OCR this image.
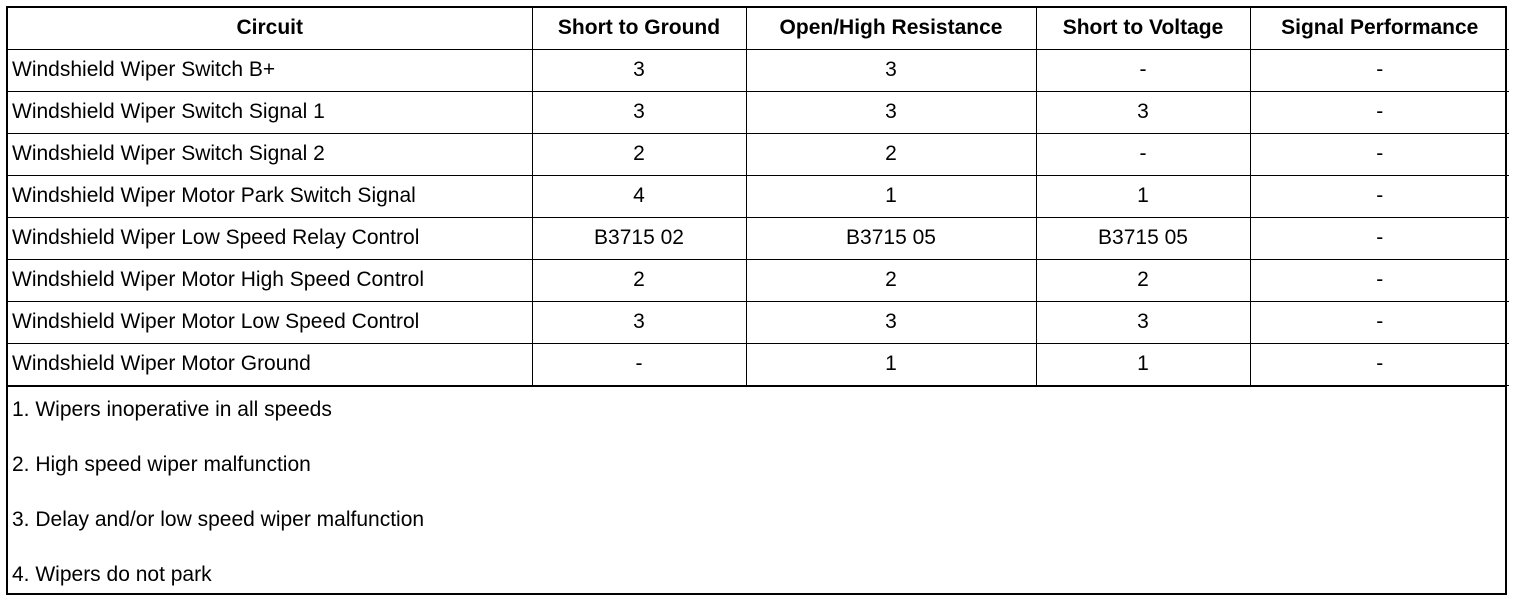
Circuit	Short to Ground	Open/High Resistance	Short to Voltage	Signal Performance
Windshield Wiper Switch B+	3	3	-	-
Windshield Wiper Switch Signal 1	3	3	3	-
Windshield Wiper Switch Signal 2	2	2	-	-
Windshield Wiper Motor Park Switch Signal	4	1	1	-
Windshield Wiper Low Speed Relay Control	B3715 02	B3715 05	B3715 05	-
Windshield Wiper Motor High Speed Control	2	2	2	-
Windshield Wiper Motor Low Speed Control	3	3	3	-
Windshield Wiper Motor Ground	-	1	1	-
1. Wipers inoperative in all speeds
2. High speed wiper malfunction
3. Delay and/or low speed wiper malfunction
4. Wipers do not park
